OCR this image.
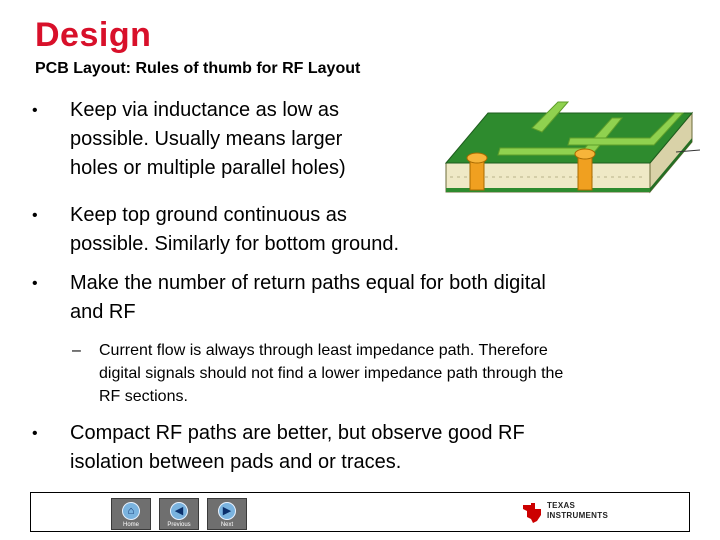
Design
PCB Layout: Rules of thumb for RF Layout
• Keep via inductance as low as
possible. Usually means larger
holes or multiple parallel holes)
• Keep top ground continuous as
possible. Similarly for bottom ground.
• Make the number of return paths equal for both digital
and RF
– Current flow is always through least impedance path. Therefore
digital signals should not find a lower impedance path through the
RF sections.
• Compact RF paths are better, but observe good RF
isolation between pads and or traces.
⌂
Home
◀
Previous
▶
Next
TEXAS
INSTRUMENTS
